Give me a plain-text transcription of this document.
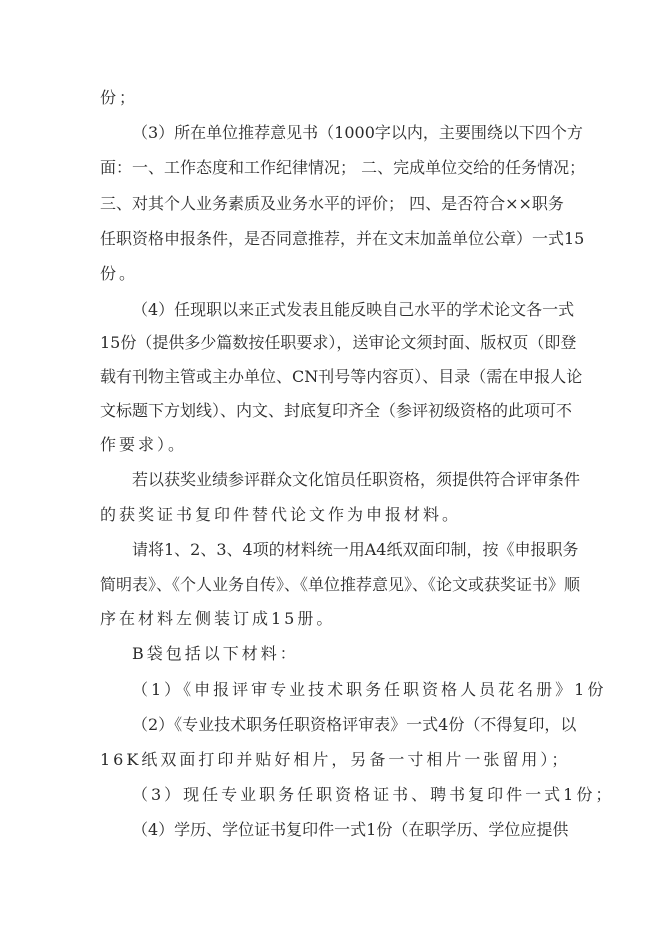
份；
（3）所在单位推荐意见书（1000字以内，主要围绕以下四个方
面：一、工作态度和工作纪律情况； 二、完成单位交给的任务情况；
三、对其个人业务素质及业务水平的评价； 四、是否符合××职务
任职资格申报条件，是否同意推荐，并在文末加盖单位公章）一式15
份。
（4）任现职以来正式发表且能反映自己水平的学术论文各一式
15份（提供多少篇数按任职要求），送审论文须封面、版权页（即登
载有刊物主管或主办单位、CN刊号等内容页）、目录（需在申报人论
文标题下方划线）、内文、封底复印齐全（参评初级资格的此项可不
作要求）。
若以获奖业绩参评群众文化馆员任职资格，须提供符合评审条件
的获奖证书复印件替代论文作为申报材料。
请将1、2、3、4项的材料统一用A4纸双面印制，按《申报职务
简明表》、《个人业务自传》、《单位推荐意见》、《论文或获奖证书》顺
序在材料左侧装订成15册。
B袋包括以下材料：
（1）《申报评审专业技术职务任职资格人员花名册》1份
（2）《专业技术职务任职资格评审表》一式4份（不得复印，以
16K纸双面打印并贴好相片，另备一寸相片一张留用）；
（3）现任专业职务任职资格证书、聘书复印件一式1份；
（4）学历、学位证书复印件一式1份（在职学历、学位应提供
